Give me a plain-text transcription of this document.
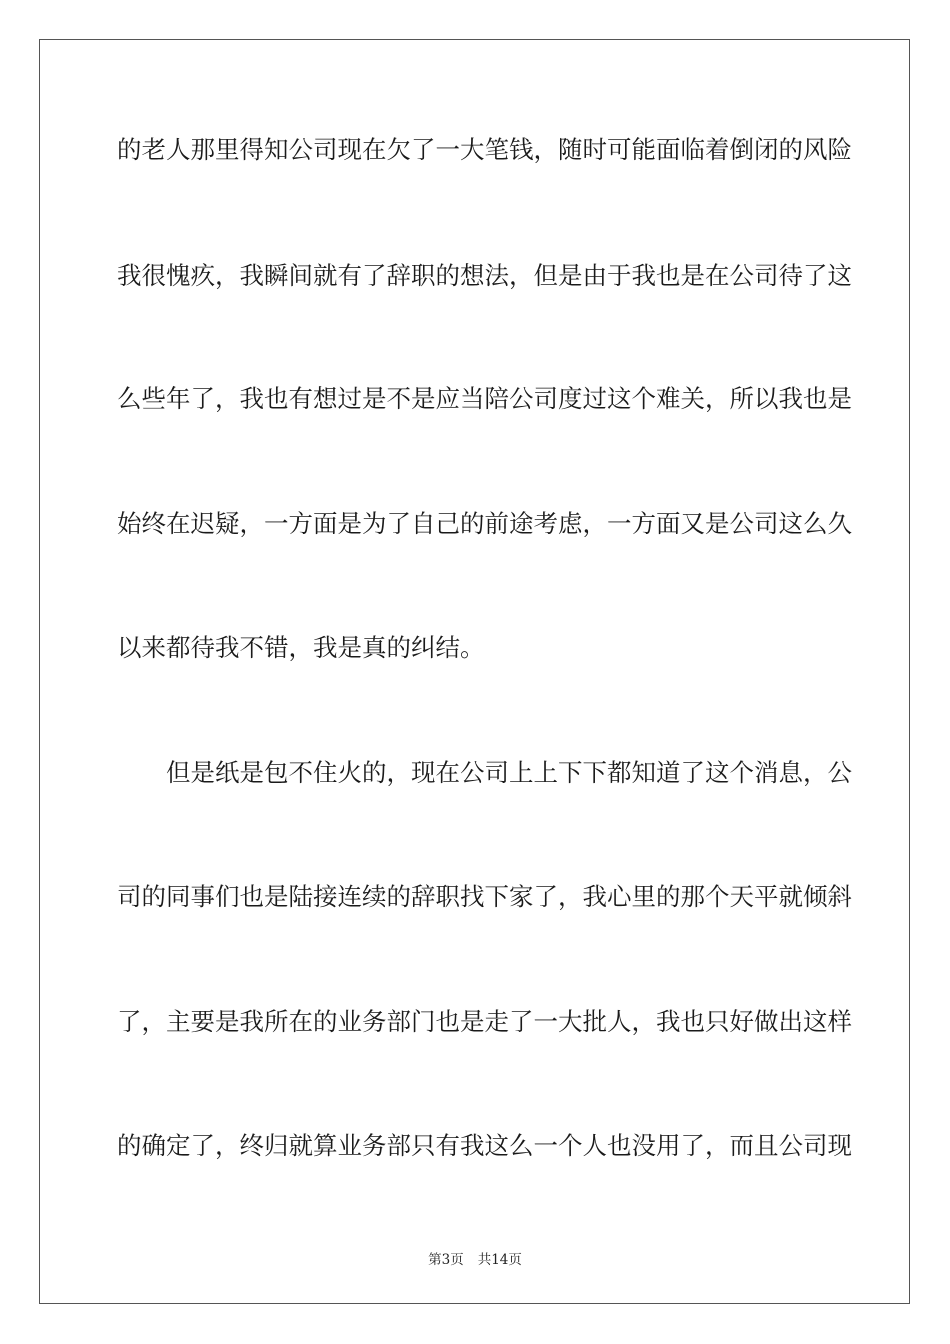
的老人那里得知公司现在欠了一大笔钱，随时可能面临着倒闭的风险
我很愧疚，我瞬间就有了辞职的想法，但是由于我也是在公司待了这
么些年了，我也有想过是不是应当陪公司度过这个难关，所以我也是
始终在迟疑，一方面是为了自己的前途考虑，一方面又是公司这么久
以来都待我不错，我是真的纠结。
但是纸是包不住火的，现在公司上上下下都知道了这个消息，公
司的同事们也是陆接连续的辞职找下家了，我心里的那个天平就倾斜
了，主要是我所在的业务部门也是走了一大批人，我也只好做出这样
的确定了，终归就算业务部只有我这么一个人也没用了，而且公司现
第3页 共14页
